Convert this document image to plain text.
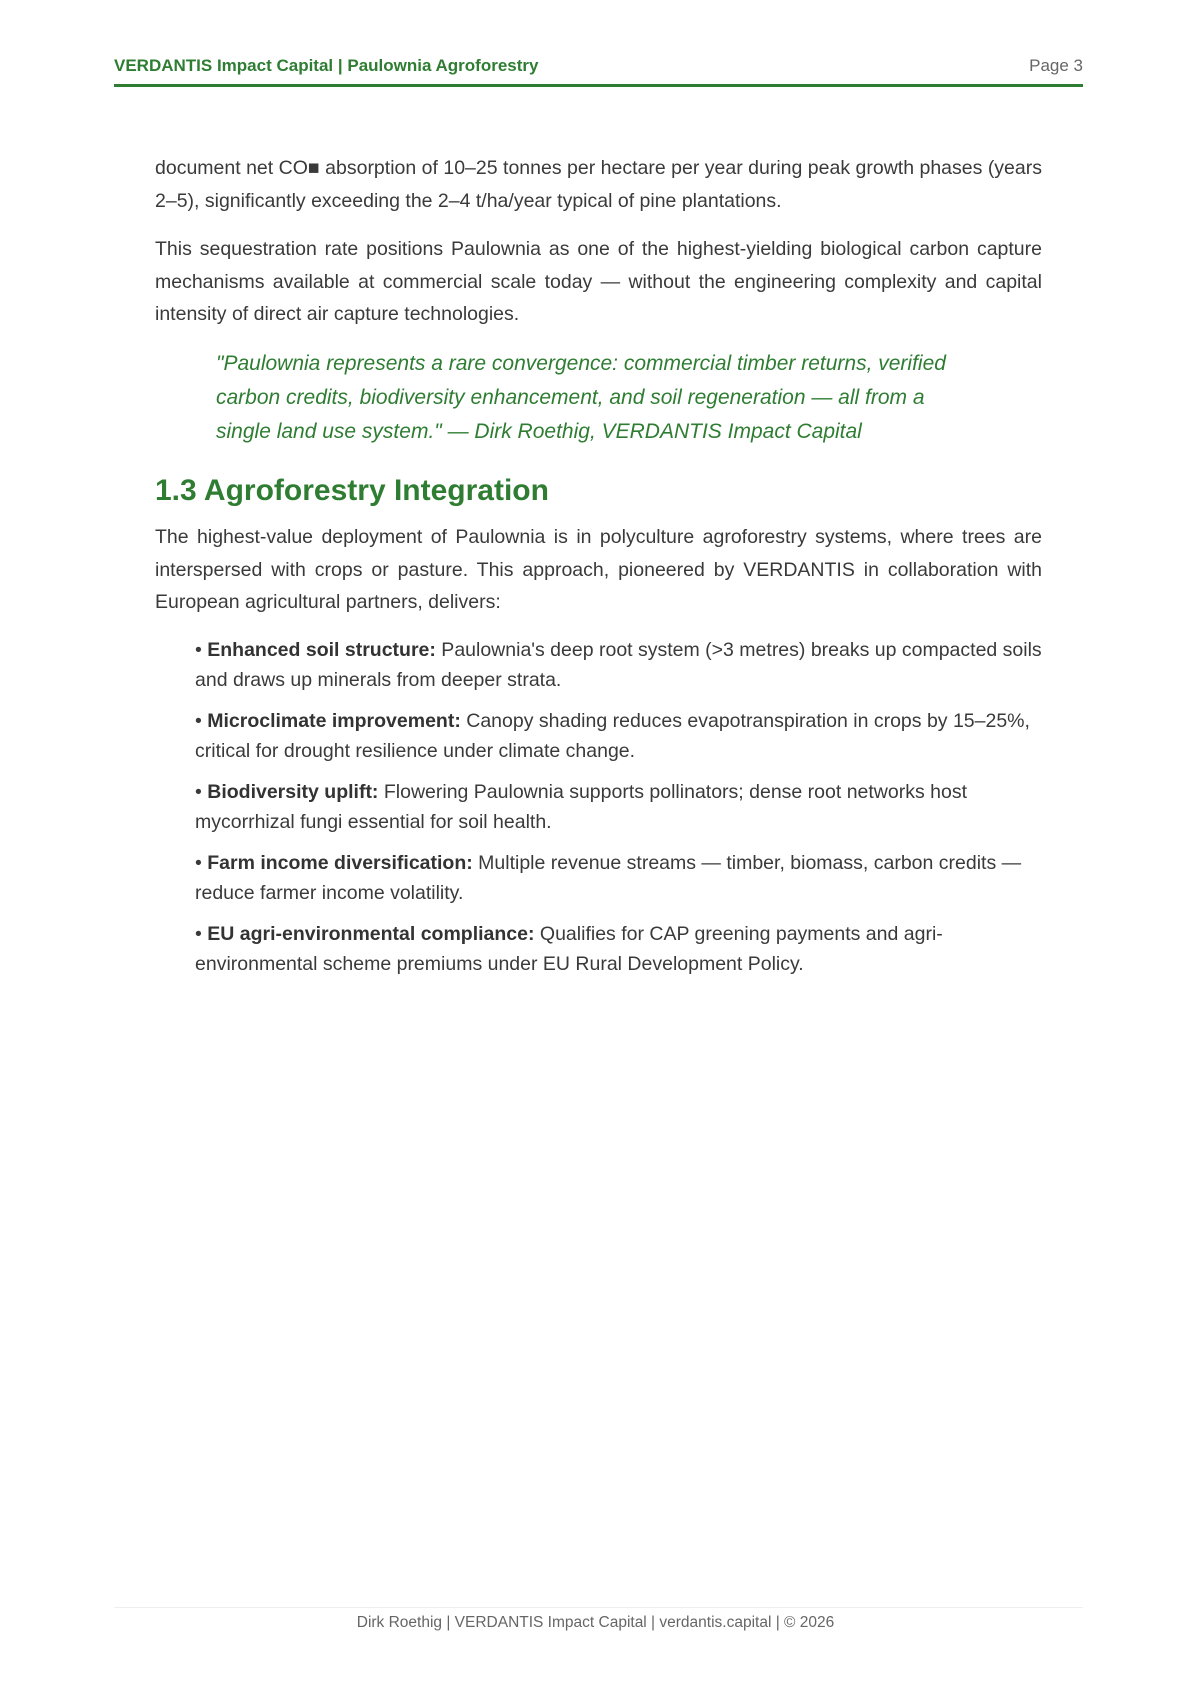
VERDANTIS Impact Capital | Paulownia Agroforestry	Page 3

document net CO■ absorption of 10–25 tonnes per hectare per year during peak growth phases (years 2–5), significantly exceeding the 2–4 t/ha/year typical of pine plantations.

This sequestration rate positions Paulownia as one of the highest-yielding biological carbon capture mechanisms available at commercial scale today — without the engineering complexity and capital intensity of direct air capture technologies.

"Paulownia represents a rare convergence: commercial timber returns, verified carbon credits, biodiversity enhancement, and soil regeneration — all from a single land use system." — Dirk Roethig, VERDANTIS Impact Capital
1.3 Agroforestry Integration

The highest-value deployment of Paulownia is in polyculture agroforestry systems, where trees are interspersed with crops or pasture. This approach, pioneered by VERDANTIS in collaboration with European agricultural partners, delivers:

• Enhanced soil structure: Paulownia's deep root system (>3 metres) breaks up compacted soils and draws up minerals from deeper strata.
• Microclimate improvement: Canopy shading reduces evapotranspiration in crops by 15–25%, critical for drought resilience under climate change.
• Biodiversity uplift: Flowering Paulownia supports pollinators; dense root networks host mycorrhizal fungi essential for soil health.
• Farm income diversification: Multiple revenue streams — timber, biomass, carbon credits — reduce farmer income volatility.
• EU agri-environmental compliance: Qualifies for CAP greening payments and agri-environmental scheme premiums under EU Rural Development Policy.
Dirk Roethig | VERDANTIS Impact Capital | verdantis.capital | © 2026
